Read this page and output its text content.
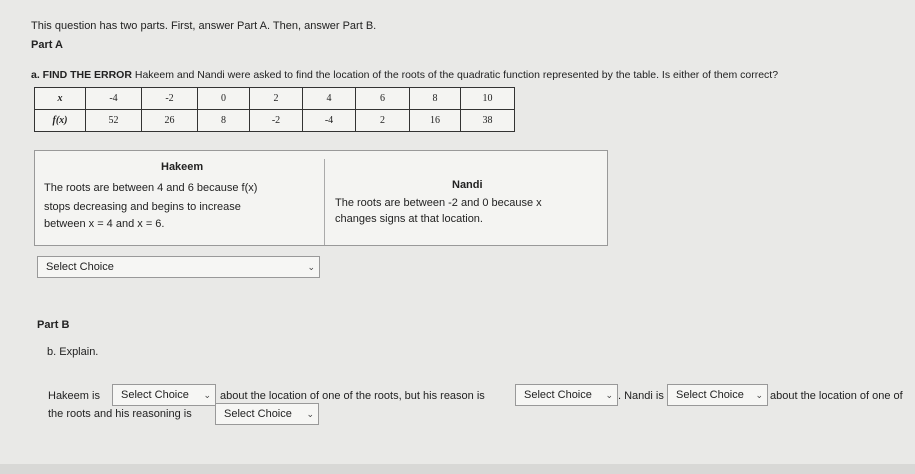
This question has two parts. First, answer Part A. Then, answer Part B.
Part A
a. FIND THE ERROR Hakeem and Nandi were asked to find the location of the roots of the quadratic function represented by the table. Is either of them correct?
x	-4	-2	0	2	4	6	8	10
f(x)	52	26	8	-2	-4	2	16	38
Hakeem
The roots are between 4 and 6 because f(x)
stops decreasing and begins to increase
between x = 4 and x = 6.
Nandi
The roots are between -2 and 0 because x
changes signs at that location.
Select Choice	⌄
Part B
b. Explain.
Hakeem is	Select Choice ⌄ about the location of one of the roots, but his reason is	Select Choice ⌄ . Nandi is	Select Choice ⌄ about the location of one of
the roots and his reasoning is	Select Choice ⌄
